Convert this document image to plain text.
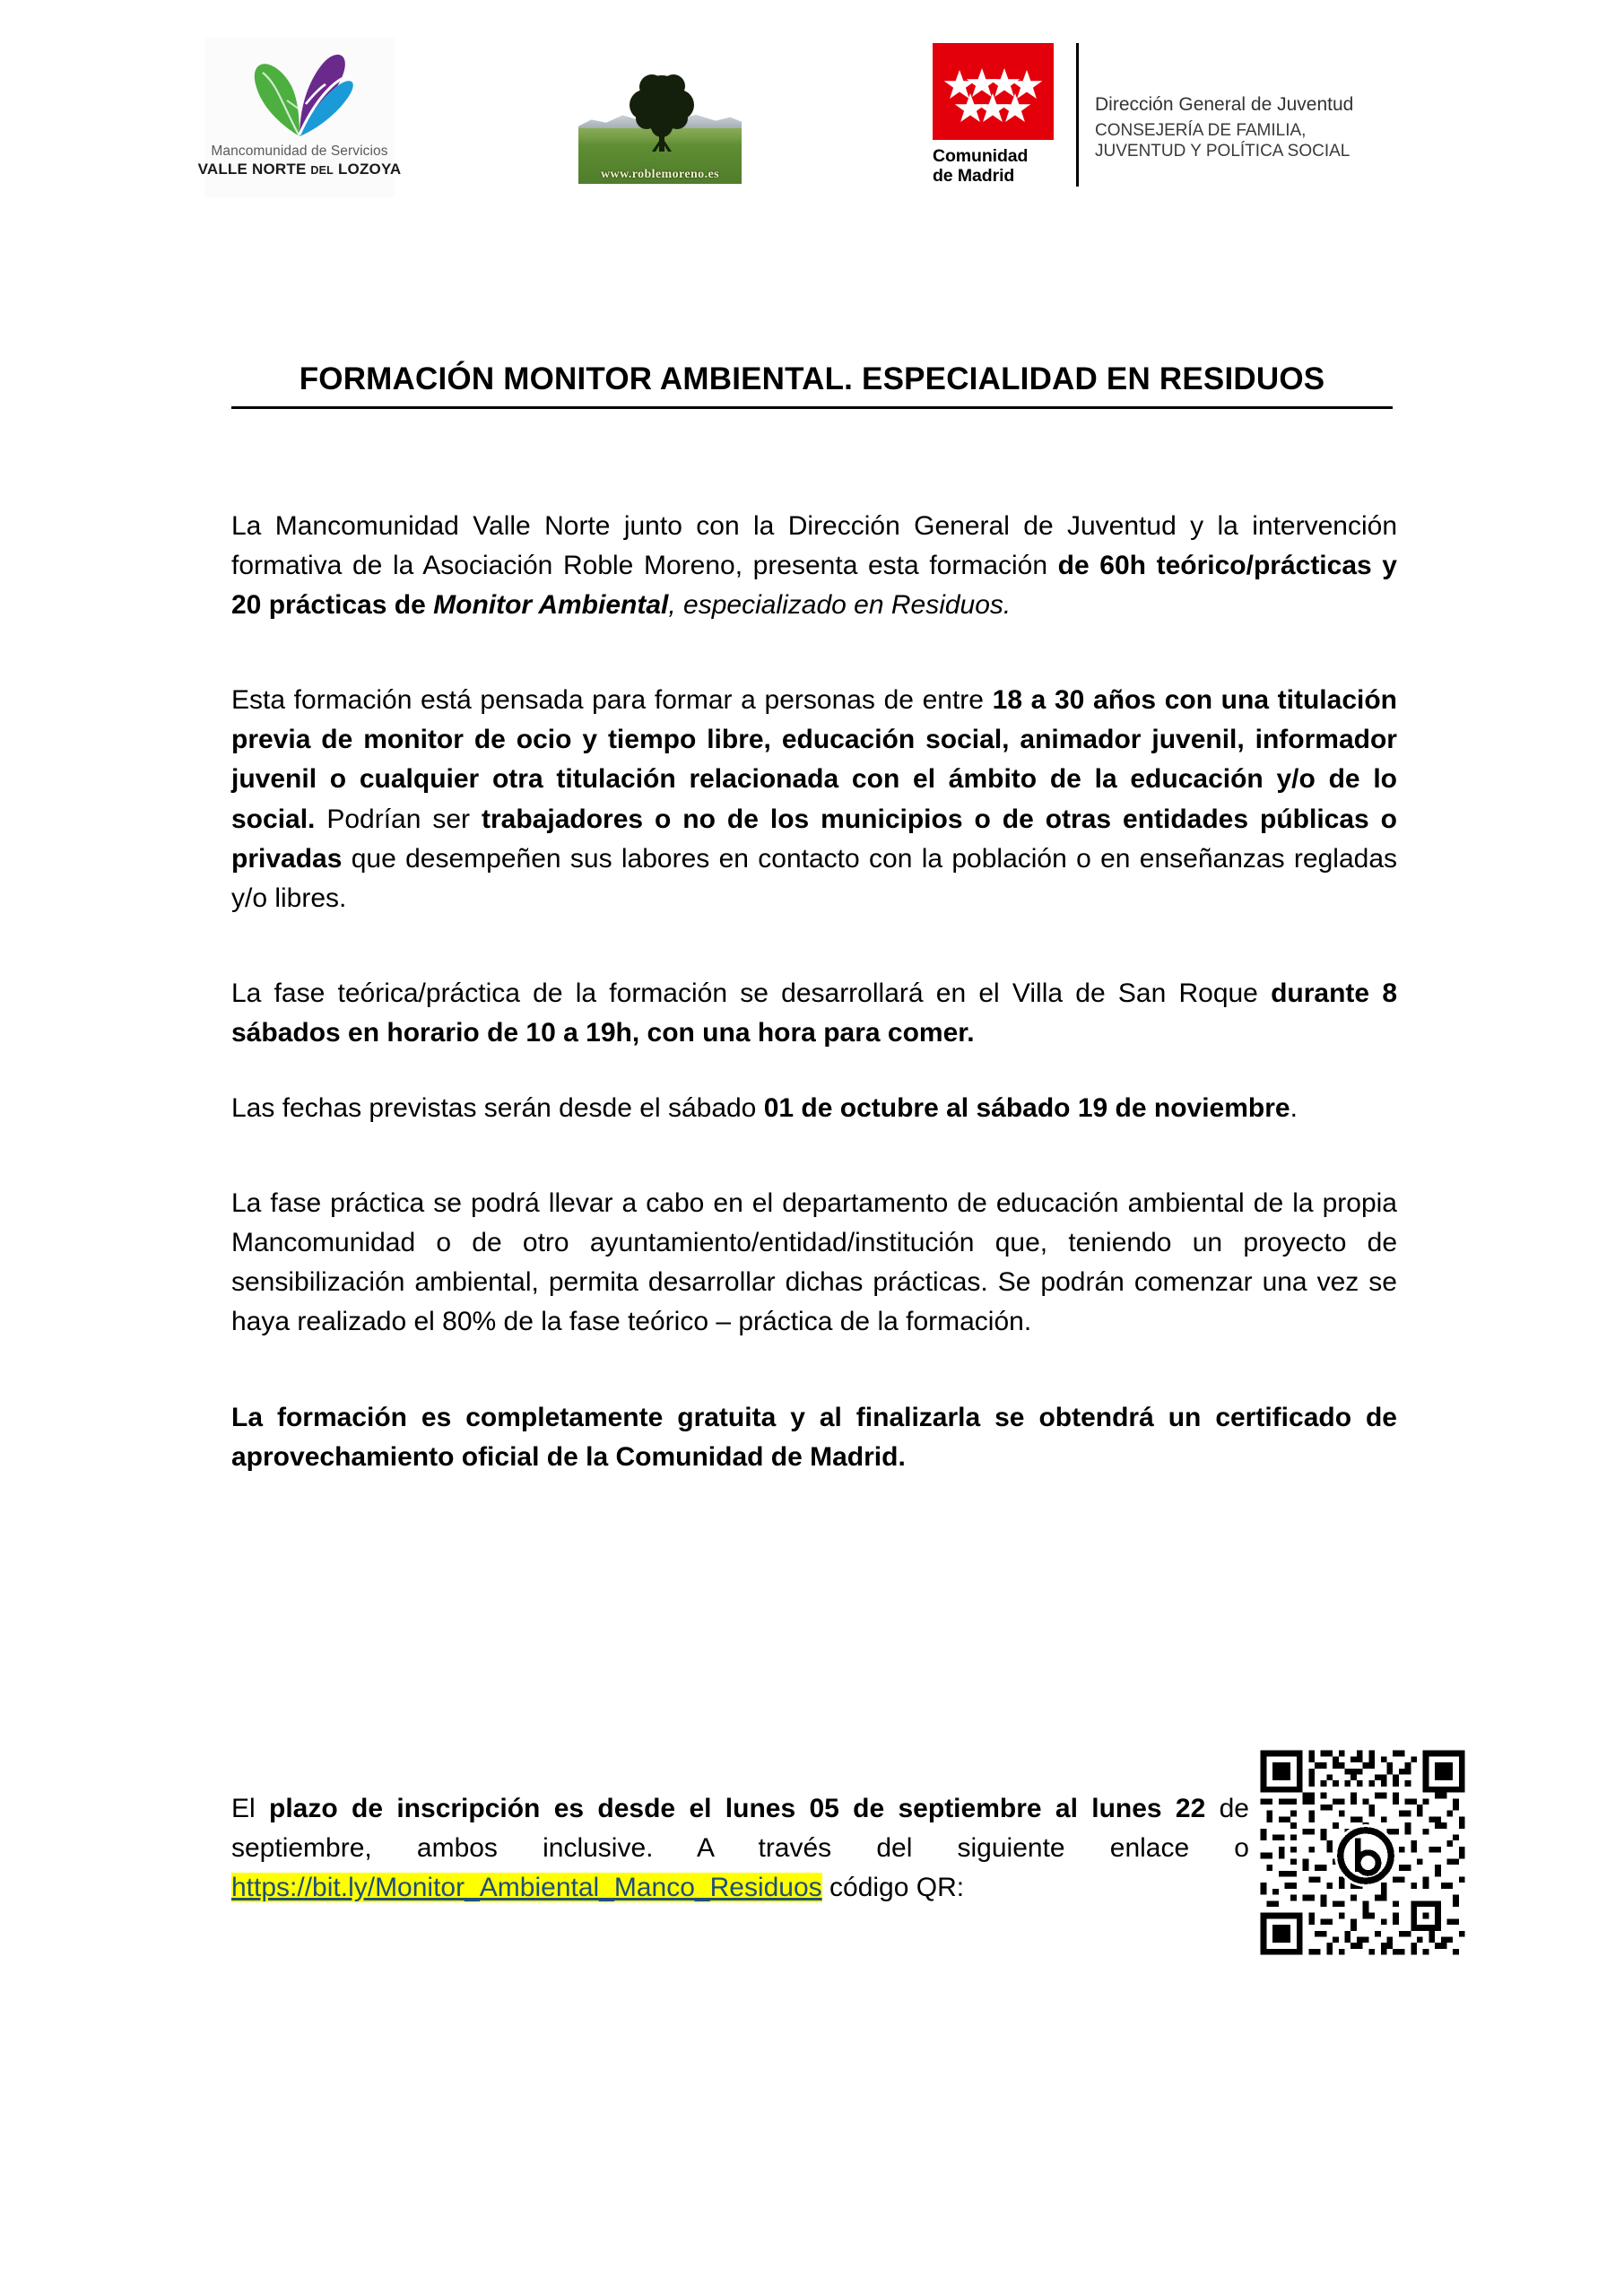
Mancomunidad de Servicios
VALLE NORTE DEL LOZOYA	www.roblemoreno.es
Comunidad
de Madrid
Dirección General de Juventud
CONSEJERÍA DE FAMILIA,
JUVENTUD Y POLÍTICA SOCIAL
FORMACIÓN MONITOR AMBIENTAL. ESPECIALIDAD EN RESIDUOS

La Mancomunidad Valle Norte junto con la Dirección General de Juventud y la intervención formativa de la Asociación Roble Moreno, presenta esta formación de 60h teórico/prácticas y 20 prácticas de Monitor Ambiental, especializado en Residuos.

Esta formación está pensada para formar a personas de entre 18 a 30 años con una titulación previa de monitor de ocio y tiempo libre, educación social, animador juvenil, informador juvenil o cualquier otra titulación relacionada con el ámbito de la educación y/o de lo social. Podrían ser trabajadores o no de los municipios o de otras entidades públicas o privadas que desempeñen sus labores en contacto con la población o en enseñanzas regladas y/o libres.

La fase teórica/práctica de la formación se desarrollará en el Villa de San Roque durante 8 sábados en horario de 10 a 19h, con una hora para comer.

Las fechas previstas serán desde el sábado 01 de octubre al sábado 19 de noviembre.

La fase práctica se podrá llevar a cabo en el departamento de educación ambiental de la propia Mancomunidad o de otro ayuntamiento/entidad/institución que, teniendo un proyecto de sensibilización ambiental, permita desarrollar dichas prácticas. Se podrán comenzar una vez se haya realizado el 80% de la fase teórico – práctica de la formación.

La formación es completamente gratuita y al finalizarla se obtendrá un certificado de aprovechamiento oficial de la Comunidad de Madrid.

El plazo de inscripción es desde el lunes 05 de septiembre al lunes 22 de septiembre, ambos inclusive. A través del siguiente enlace o https://bit.ly/Monitor_Ambiental_Manco_Residuos código QR:
